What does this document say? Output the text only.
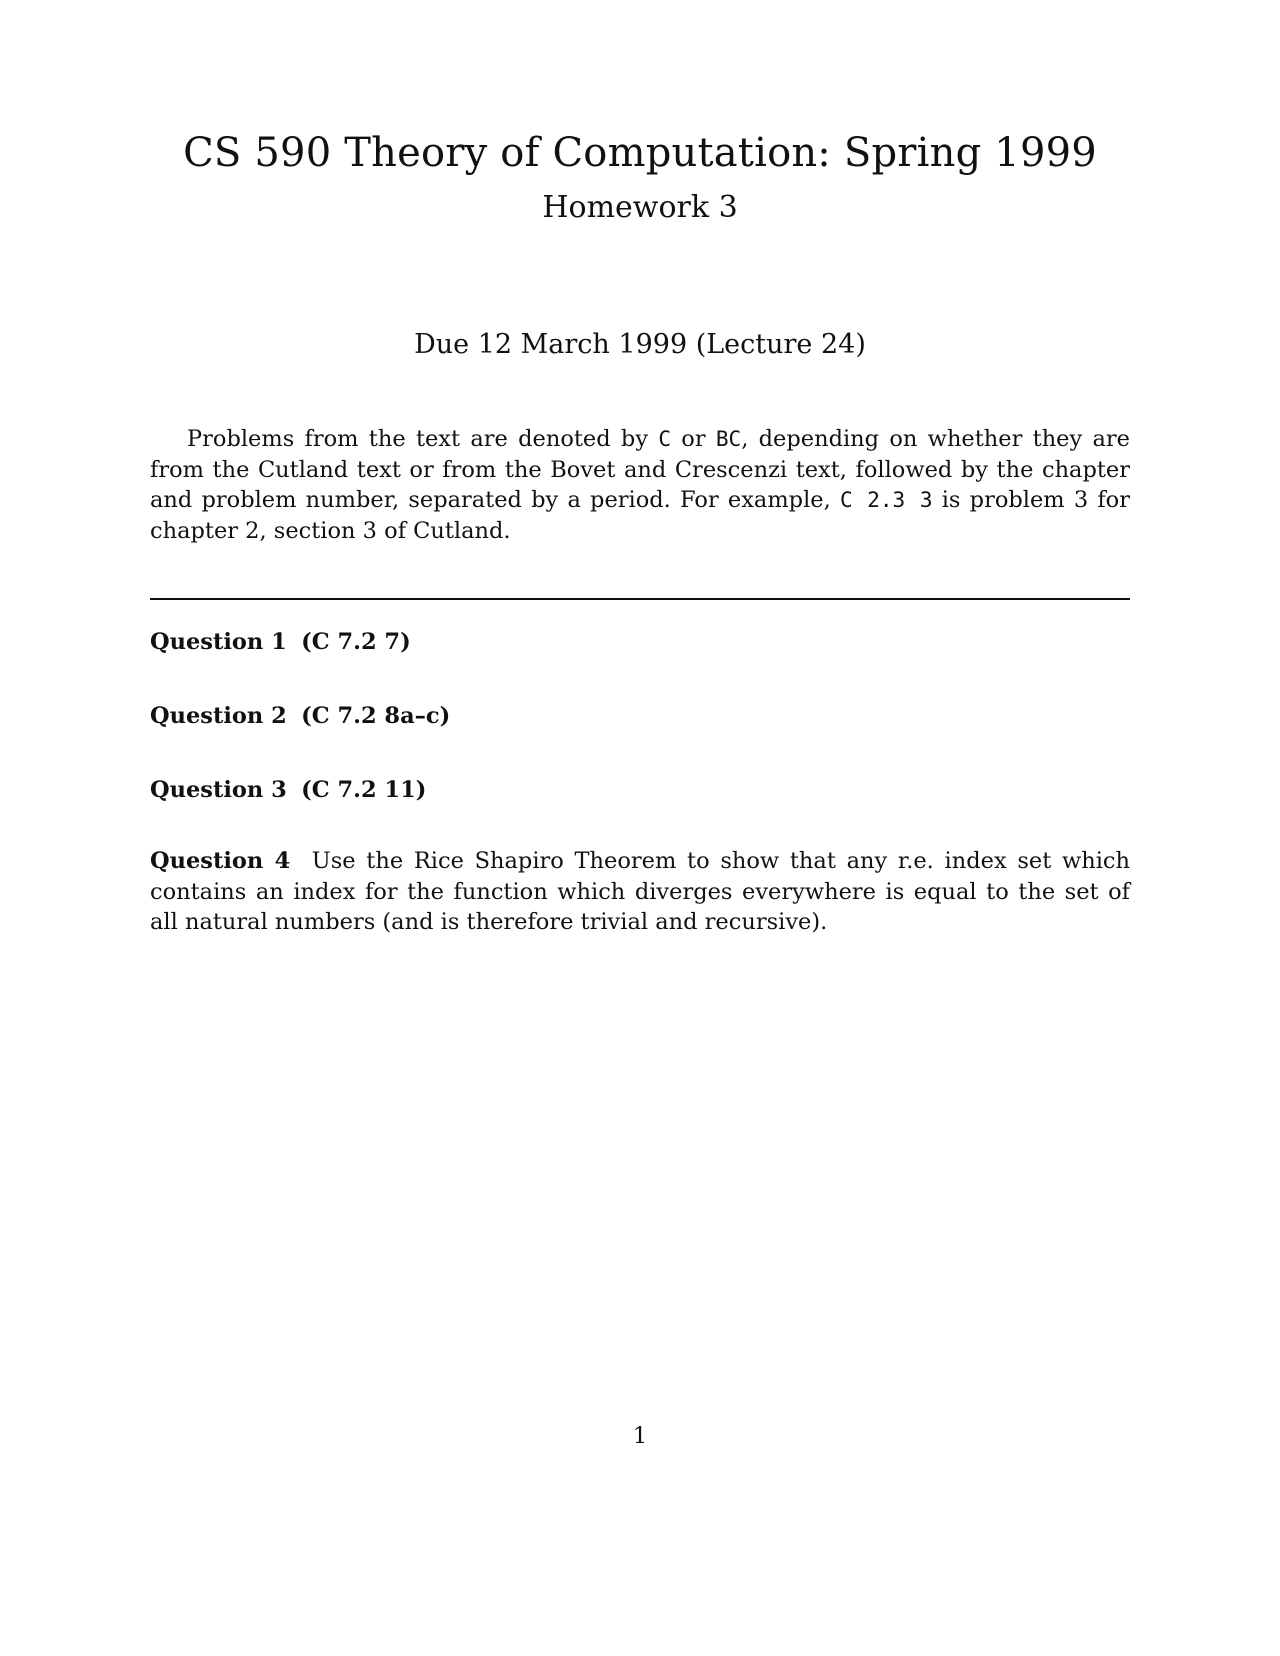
CS 590 Theory of Computation: Spring 1999
Homework 3

Due 12 March 1999 (Lecture 24)

Problems from the text are denoted by C or BC, depending on whether they are from the Cutland text or from the Bovet and Crescenzi text, followed by the chapter and problem number, separated by a period. For example, C 2.3 3 is problem 3 for chapter 2, section 3 of Cutland.

Question 1 (C 7.2 7)

Question 2 (C 7.2 8a–c)

Question 3 (C 7.2 11)

Question 4 Use the Rice Shapiro Theorem to show that any r.e. index set which contains an index for the function which diverges everywhere is equal to the set of all natural numbers (and is therefore trivial and recursive).

1
